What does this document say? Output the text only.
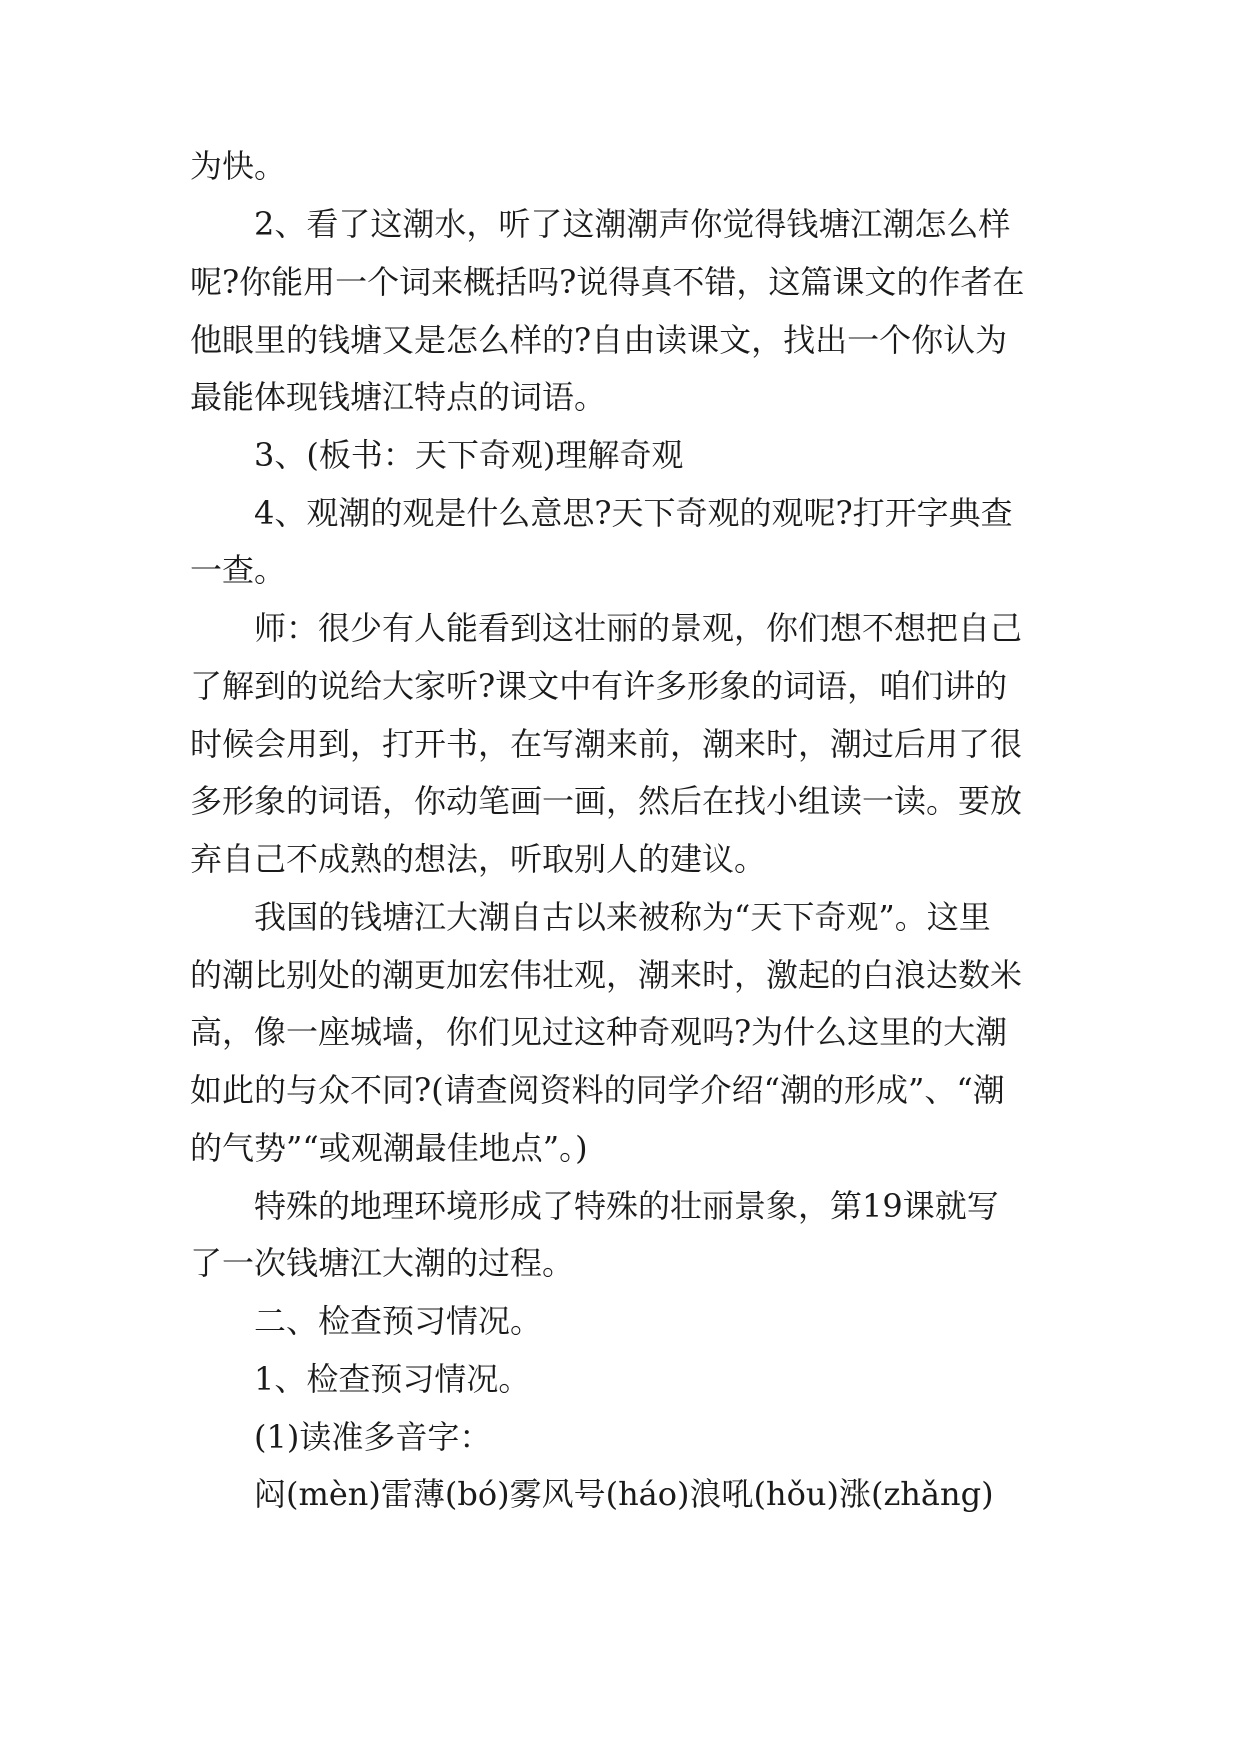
为快。
2、看了这潮水，听了这潮潮声你觉得钱塘江潮怎么样
呢?你能用一个词来概括吗?说得真不错，这篇课文的作者在
他眼里的钱塘又是怎么样的?自由读课文，找出一个你认为
最能体现钱塘江特点的词语。
3、(板书：天下奇观)理解奇观
4、观潮的观是什么意思?天下奇观的观呢?打开字典查
一查。
师：很少有人能看到这壮丽的景观，你们想不想把自己
了解到的说给大家听?课文中有许多形象的词语，咱们讲的
时候会用到，打开书，在写潮来前，潮来时，潮过后用了很
多形象的词语，你动笔画一画，然后在找小组读一读。要放
弃自己不成熟的想法，听取别人的建议。
我国的钱塘江大潮自古以来被称为“天下奇观”。这里
的潮比别处的潮更加宏伟壮观，潮来时，激起的白浪达数米
高，像一座城墙，你们见过这种奇观吗?为什么这里的大潮
如此的与众不同?(请查阅资料的同学介绍“潮的形成”、“潮
的气势”“或观潮最佳地点”。)
特殊的地理环境形成了特殊的壮丽景象，第19课就写
了一次钱塘江大潮的过程。
二、检查预习情况。
1、检查预习情况。
(1)读准多音字：
闷(mèn)雷薄(bó)雾风号(háo)浪吼(hǒu)涨(zhǎng)
